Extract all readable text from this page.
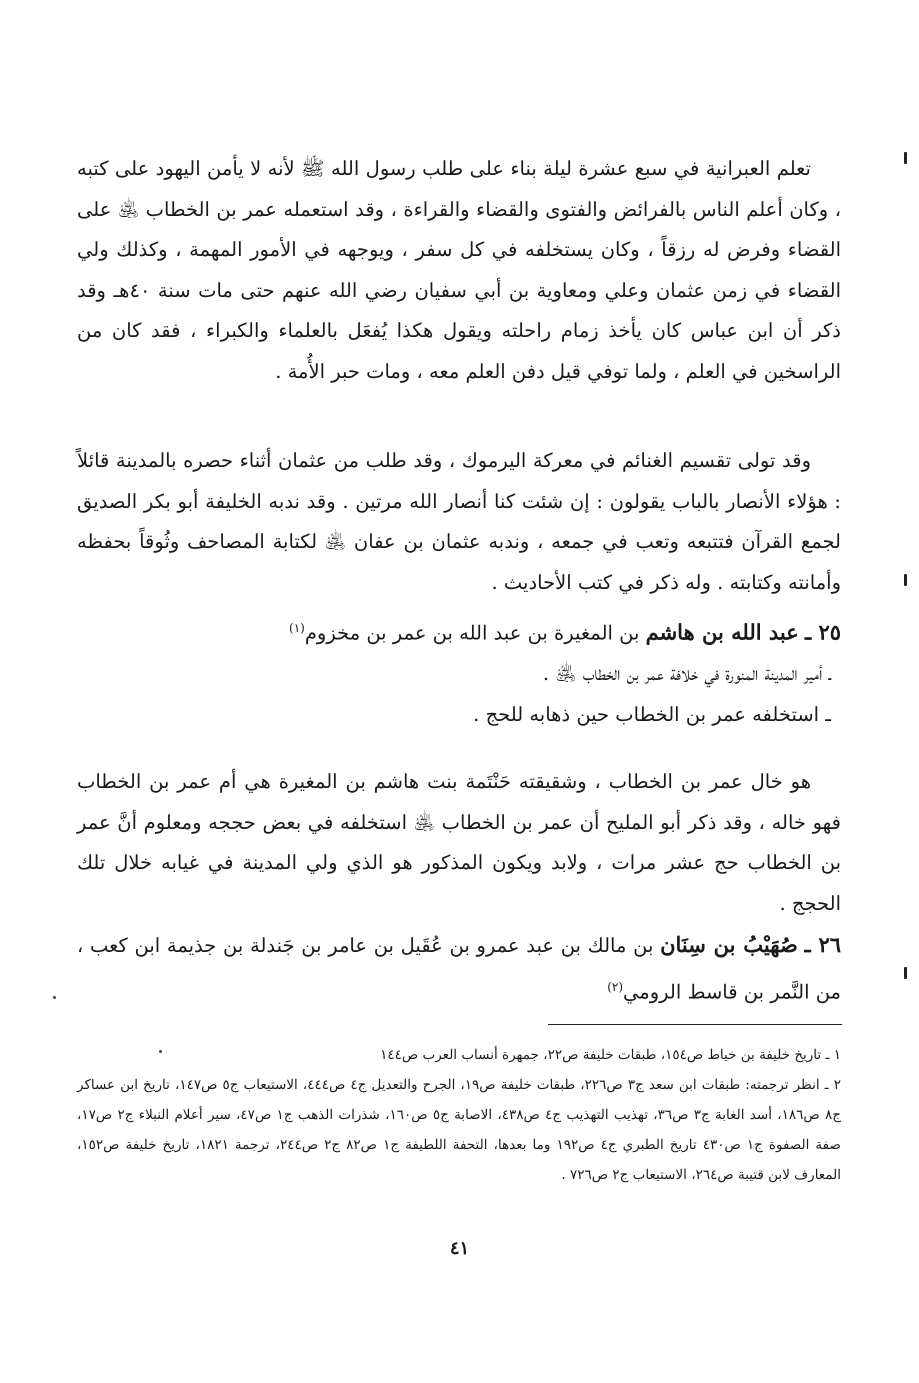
تعلم العبرانية في سبع عشرة ليلة بناء على طلب رسول الله ﷺ لأنه لا يأمن اليهود على كتبه ، وكان أعلم الناس بالفرائض والفتوى والقضاء والقراءة ، وقد استعمله عمر بن الخطاب ﵁ على القضاء وفرض له رزقاً ، وكان يستخلفه في كل سفر ، ويوجهه في الأمور المهمة ، وكذلك ولي القضاء في زمن عثمان وعلي ومعاوية بن أبي سفيان رضي الله عنهم حتى مات سنة ٤٠هـ وقد ذكر أن ابن عباس كان يأخذ زمام راحلته ويقول هكذا يُفعَل بالعلماء والكبراء ، فقد كان من الراسخين في العلم ، ولما توفي قيل دفن العلم معه ، ومات حبر الأُمة .

وقد تولى تقسيم الغنائم في معركة اليرموك ، وقد طلب من عثمان أثناء حصره بالمدينة قائلاً : هؤلاء الأنصار بالباب يقولون : إن شئت كنا أنصار الله مرتين . وقد ندبه الخليفة أبو بكر الصديق لجمع القرآن فتتبعه وتعب في جمعه ، وندبه عثمان بن عفان ﵁ لكتابة المصاحف وثُوقاً بحفظه وأمانته وكتابته . وله ذكر في كتب الأحاديث .

٢٥ ـ عبد الله بن هاشم بن المغيرة بن عبد الله بن عمر بن مخزوم$^{(١)}$
ـ أمير المدينة المنورة في خلافة عمر بن الخطاب ﵁ .
ـ استخلفه عمر بن الخطاب حين ذهابه للحج .

هو خال عمر بن الخطاب ، وشقيقته حَنْتَمة بنت هاشم بن المغيرة هي أم عمر بن الخطاب فهو خاله ، وقد ذكر أبو المليح أن عمر بن الخطاب ﵁ استخلفه في بعض حججه ومعلوم أنَّ عمر بن الخطاب حج عشر مرات ، ولابد ويكون المذكور هو الذي ولي المدينة في غيابه خلال تلك الحجج .

٢٦ ـ صُهَيْبُ بن سِنَان بن مالك بن عبد عمرو بن عُقَيل بن عامر بن جَندلة بن جذيمة ابن كعب ، من النَّمر بن قاسط الرومي$^{(٢)}$

١ ـ تاريخ خليفة بن خياط ص١٥٤، طبقات خليفة ص٢٢، جمهرة أنساب العرب ص١٤٤

٢ ـ انظر ترجمته: طبقات ابن سعد ج٣ ص٢٢٦، طبقات خليفة ص١٩، الجرح والتعديل ج٤ ص٤٤٤، الاستيعاب ج٥ ص١٤٧، تاريخ ابن عساكر ج٨ ص١٨٦، أسد الغابة ج٣ ص٣٦، تهذيب التهذيب ج٤ ص٤٣٨، الاصابة ج٥ ص١٦٠، شذرات الذهب ج١ ص٤٧، سير أعلام النبلاء ج٢ ص١٧، صفة الصفوة ج١ ص٤٣٠ تاريخ الطبري ج٤ ص١٩٢ وما بعدها، التحفة اللطيفة ج١ ص٨٢ ج٢ ص٢٤٤، ترجمة ١٨٢١، تاريخ خليفة ص١٥٢، المعارف لابن قتيبة ص٢٦٤، الاستيعاب ج٢ ص٧٢٦ .

٤١
